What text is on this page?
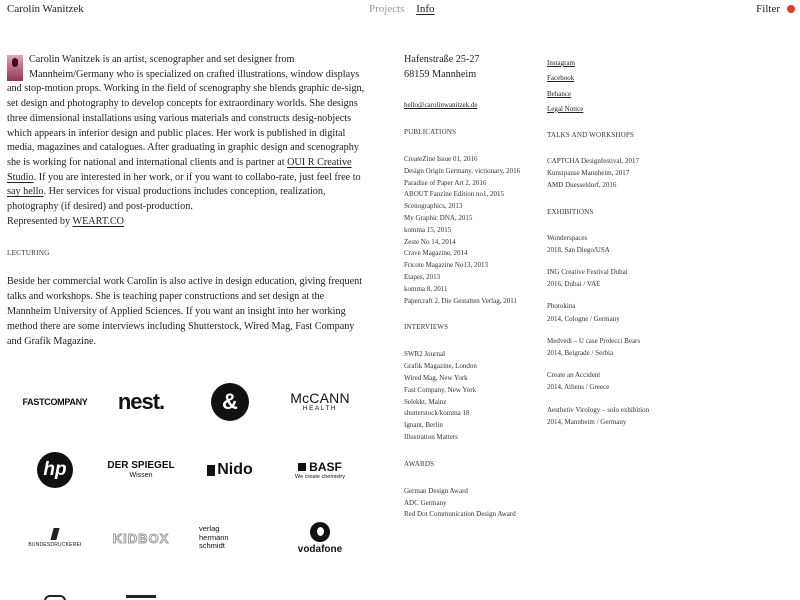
Carolin Wanitzek	Projects Info	Filter

Carolin Wanitzek is an artist, scenographer and set designer from Mannheim/Germany who is specialized on crafted illustrations, window displays and stop-motion props. Working in the field of scenography she blends graphic de-sign, set design and photography to develop concepts for extraordinary worlds. She designs three dimensional installations using various materials and constructs desig-nobjects which appears in interior design and public places. Her work is published in digital media, magazines and catalogues. After graduating in graphic design and scenography she is working for national and international clients and is partner at OUI R Creative Studio. If you are interested in her work, or if you want to collabo-rate, just feel free to say hello. Her services for visual productions includes conception, realization, photography (if desired) and post-production.
Represented by WEART.CO

LECTURING

Beside her commercial work Carolin is also active in design education, giving frequent talks and workshops. She is teaching paper constructions and set design at the Mannheim University of Applied Sciences. If you want an insight into her working method there are some interviews including Shutterstock, Wired Mag, Fast Company and Grafik Magazine.

FASTCOMPANY nest.	&	McCANN
HEALTH
hp	DER SPIEGEL
Wissen	Nido	BASF
We create chemistry
BUNDESDRUCKEREI KIDBOX
verlag
hermann
schmidt	vodafone
Hafenstraße 25-27
68159 Mannheim
hello@carolinwanitzek.de
PUBLICATIONS
CreateZine Issue 01, 2016
Design Origin Germany, victionary, 2016
Paradise of Paper Art 2, 2016
ABOUT Fanzine Edition no1, 2015
Scenographics, 2013
My Graphic DNA, 2015
komma 15, 2015
Zeste No 14, 2014
Crave Magazine, 2014
Fricote Magazine No13, 2013
Etapes, 2013
komma 8, 2011
Papercraft 2, Die Gestalten Verlag, 2011
INTERVIEWS
SWR2 Journal
Grafik Magazine, London
Wired Mag, New York
Fast Company, New York
Selekkt, Mainz
shutterstock/komma 18
Ignant, Berlin
Illustration Matters
AWARDS
German Design Award
ADC Germany
Red Dot Communication Design Award
Instagram
Facebook
Behance
Legal Notice
TALKS AND WORKSHOPS
CAPTCHA Designfestival, 2017
Kunstpause Mannheim, 2017
AMD Duesseldorf, 2016
EXHIBITIONS
Wonderspaces
2018, San Diego/USA
ING Creative Festival Dubai
2016, Dubai / VAE
Photokina
2014, Cologne / Germany
Medvedi – U case Prolecci Bears
2014, Belgrade / Serbia
Create an Accident
2014, Athens / Greece
Aesthetiv Virology – solo exhibition
2014, Mannheim / Germany
